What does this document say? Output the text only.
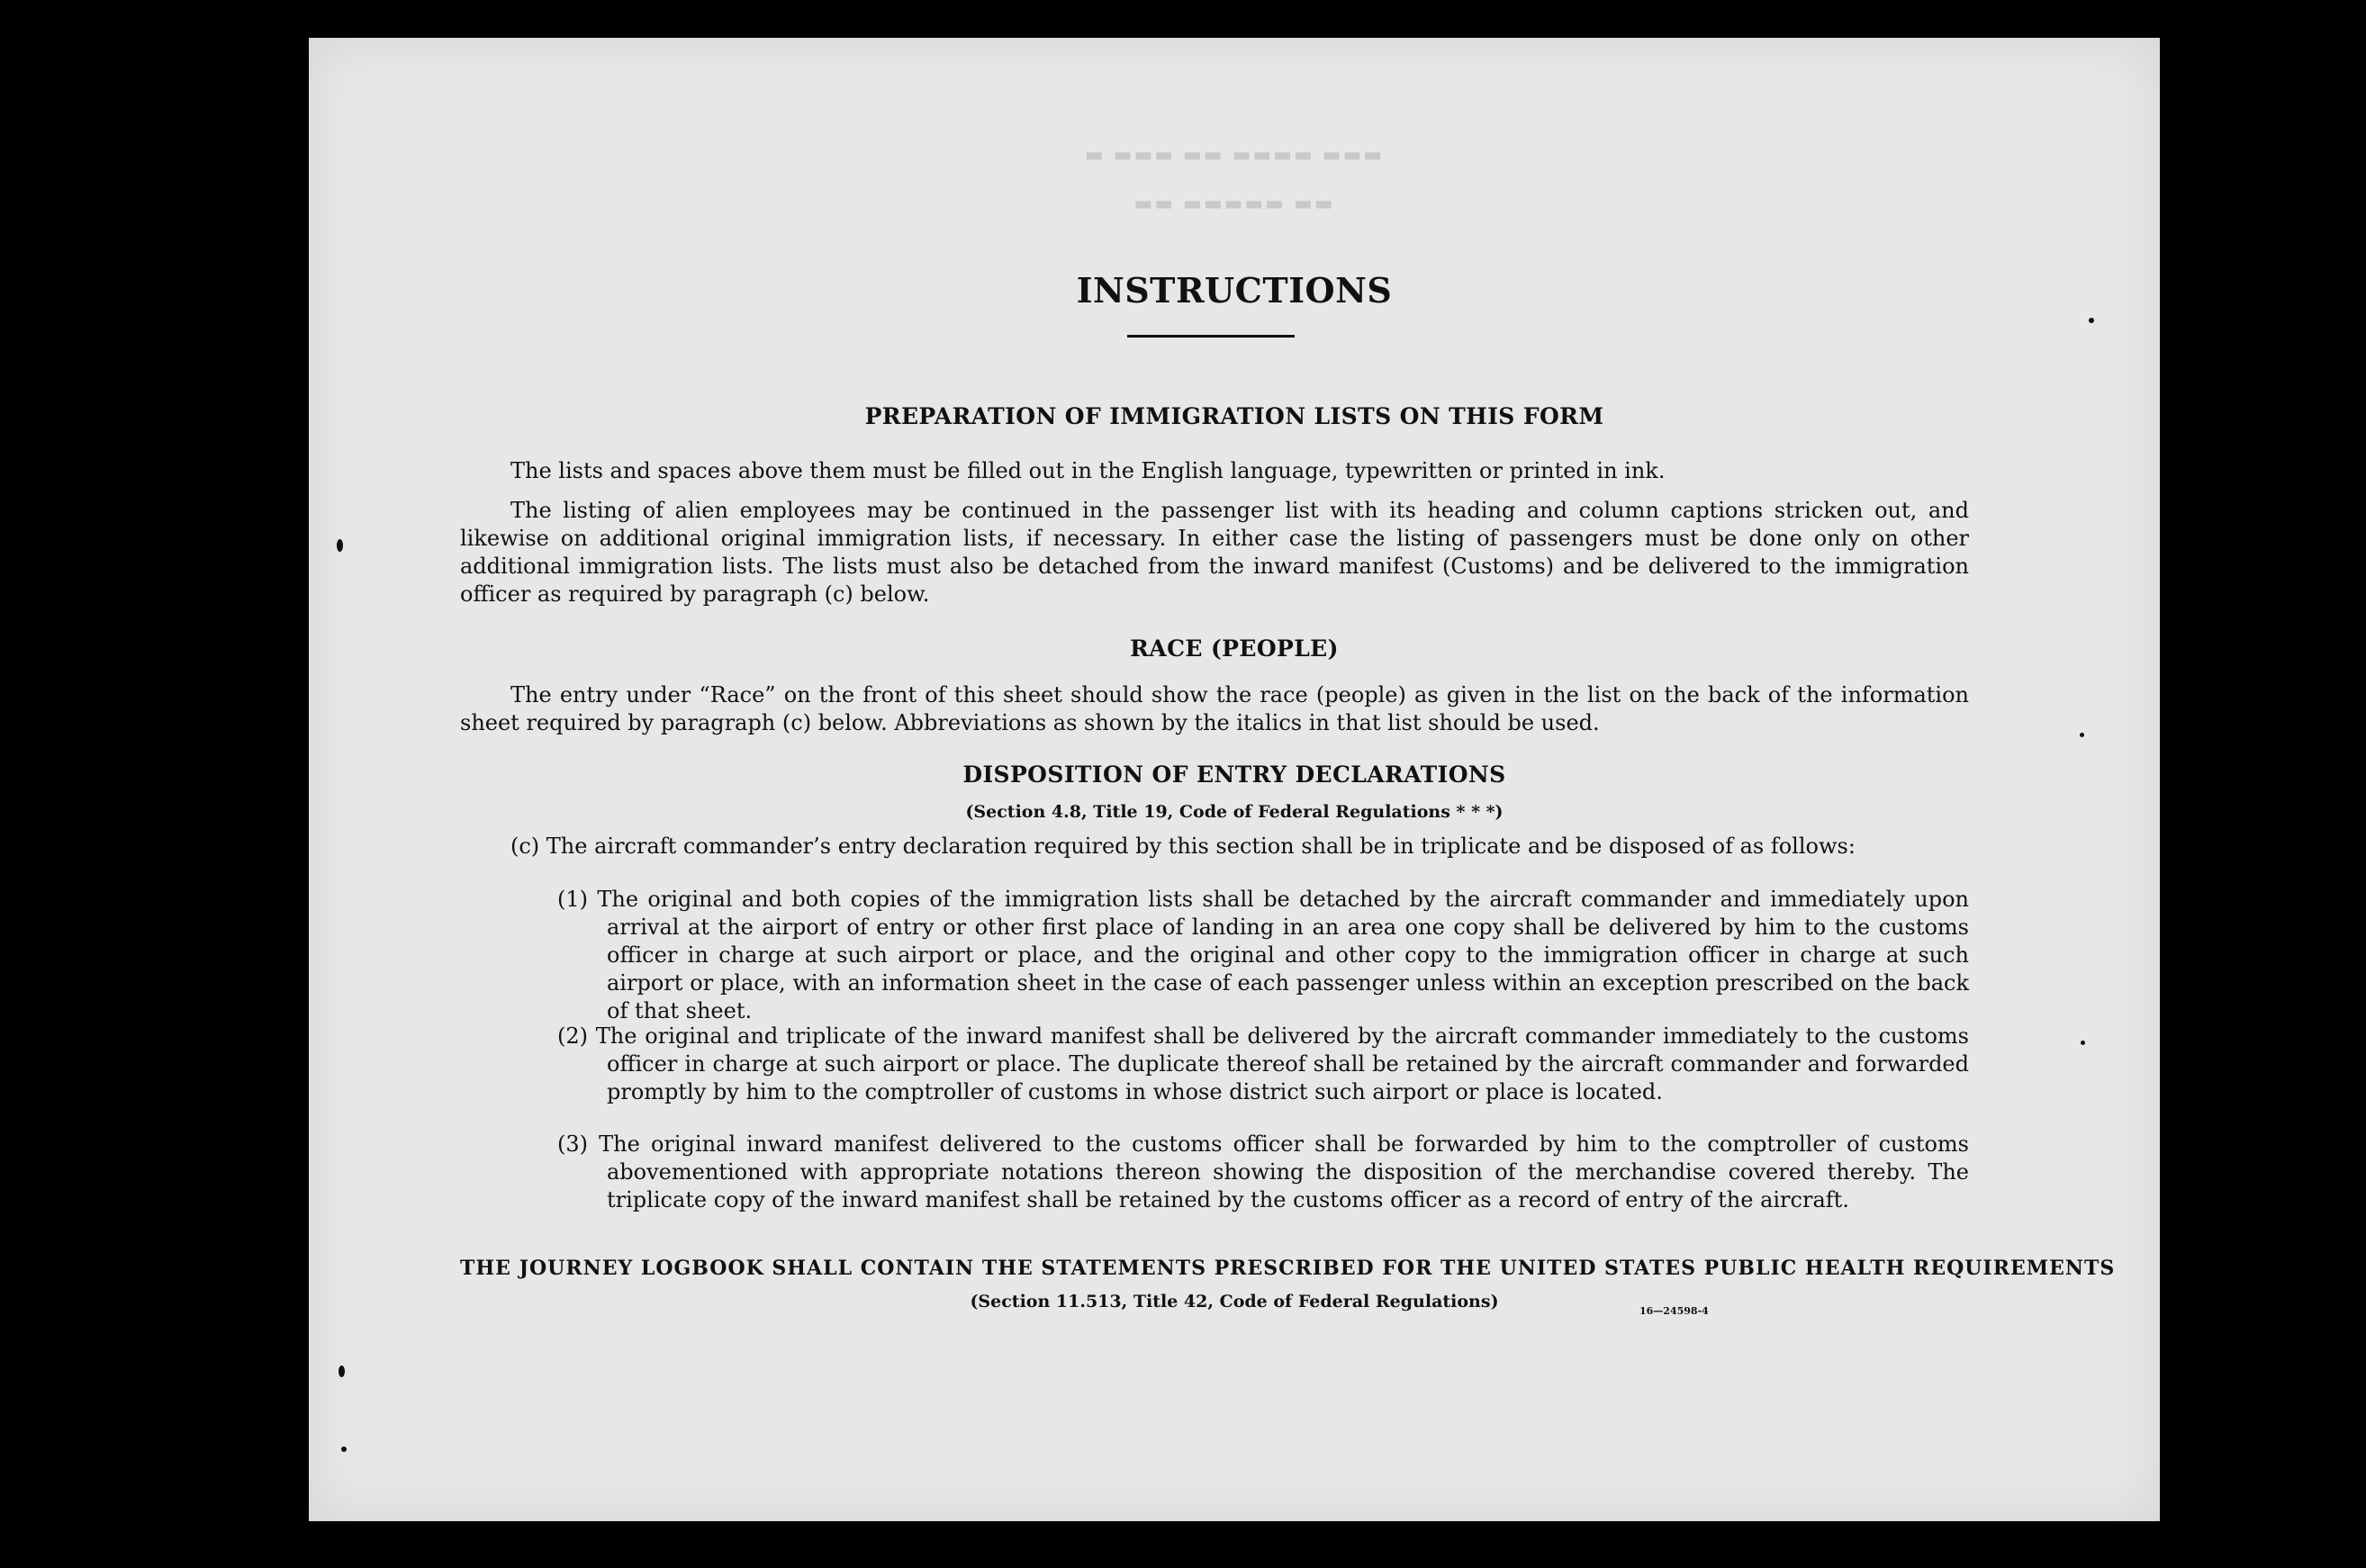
▬ ▬▬▬ ▬▬ ▬▬▬▬ ▬▬▬
▬▬ ▬▬▬▬▬ ▬▬
INSTRUCTIONS
PREPARATION OF IMMIGRATION LISTS ON THIS FORM
The lists and spaces above them must be filled out in the English language, typewritten or printed in ink.
The listing of alien employees may be continued in the passenger list with its heading and column captions stricken out, and likewise on additional original immigration lists, if necessary. In either case the listing of passengers must be done only on other additional immigration lists. The lists must also be detached from the inward manifest (Customs) and be delivered to the immigration officer as required by paragraph (c) below.
RACE (PEOPLE)
The entry under “Race” on the front of this sheet should show the race (people) as given in the list on the back of the information sheet required by paragraph (c) below. Abbreviations as shown by the italics in that list should be used.
DISPOSITION OF ENTRY DECLARATIONS
(Section 4.8, Title 19, Code of Federal Regulations * * *)
(c) The aircraft commander’s entry declaration required by this section shall be in triplicate and be disposed of as follows:
(1) The original and both copies of the immigration lists shall be detached by the aircraft commander and immediately upon arrival at the airport of entry or other first place of landing in an area one copy shall be delivered by him to the customs officer in charge at such airport or place, and the original and other copy to the immigration officer in charge at such airport or place, with an information sheet in the case of each passenger unless within an exception prescribed on the back of that sheet.
(2) The original and triplicate of the inward manifest shall be delivered by the aircraft commander immediately to the customs officer in charge at such airport or place. The duplicate thereof shall be retained by the aircraft commander and forwarded promptly by him to the comptroller of customs in whose district such airport or place is located.
(3) The original inward manifest delivered to the customs officer shall be forwarded by him to the comptroller of customs abovementioned with appropriate notations thereon showing the disposition of the merchandise covered thereby. The triplicate copy of the inward manifest shall be retained by the customs officer as a record of entry of the aircraft.
THE JOURNEY LOGBOOK SHALL CONTAIN THE STATEMENTS PRESCRIBED FOR THE UNITED STATES PUBLIC HEALTH REQUIREMENTS
(Section 11.513, Title 42, Code of Federal Regulations)	16—24598-4
